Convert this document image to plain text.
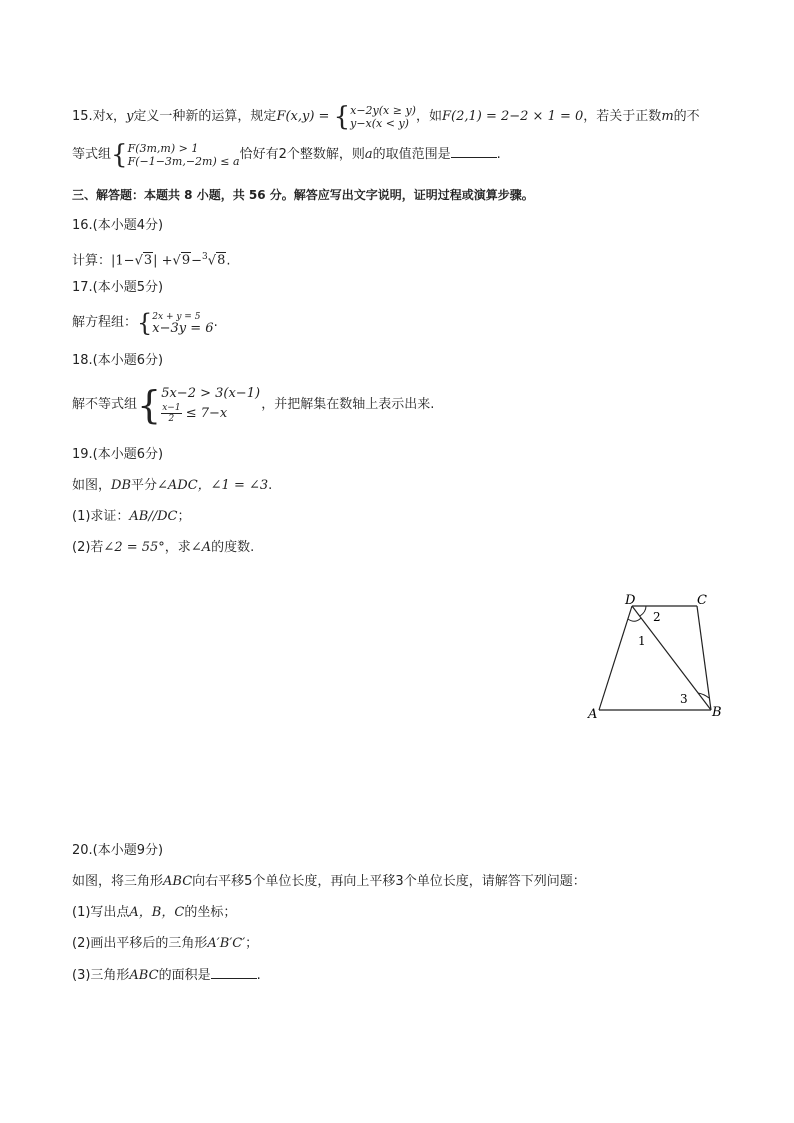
15.对x，y定义一种新的运算，规定F(x,y) = { x−2y(x ≥ y)
y−x(x < y) ，如F(2,1) = 2−2 × 1 = 0，若关于正数m的不
等式组{ F(3m,m) > 1
F(−1−3m,−2m) ≤ a 恰好有2个整数解，则a的取值范围是	.
三、解答题：本题共 8 小题，共 56 分。解答应写出文字说明，证明过程或演算步骤。
16.(本小题4分)
计算：|1−√3| +√9−$^3$√8.
17.(本小题5分)
解方程组：{ 2x + y = 5
x−3y = 6 .
18.(本小题6分)
解不等式组{ 5x−2 > 3(x−1)
$\frac{x-1}{2} \le 7-x$
，并把解集在数轴上表示出来.
19.(本小题6分)
如图，DB平分∠ADC，∠1 = ∠3.
(1)求证：AB//DC；
(2)若∠2 = 55°，求∠A的度数.
D	C
A	B
1
2
3
20.(本小题9分)
如图，将三角形ABC向右平移5个单位长度，再向上平移3个单位长度，请解答下列问题：
(1)写出点A，B，C的坐标；
(2)画出平移后的三角形A′B′C′；
(3)三角形ABC的面积是	.
